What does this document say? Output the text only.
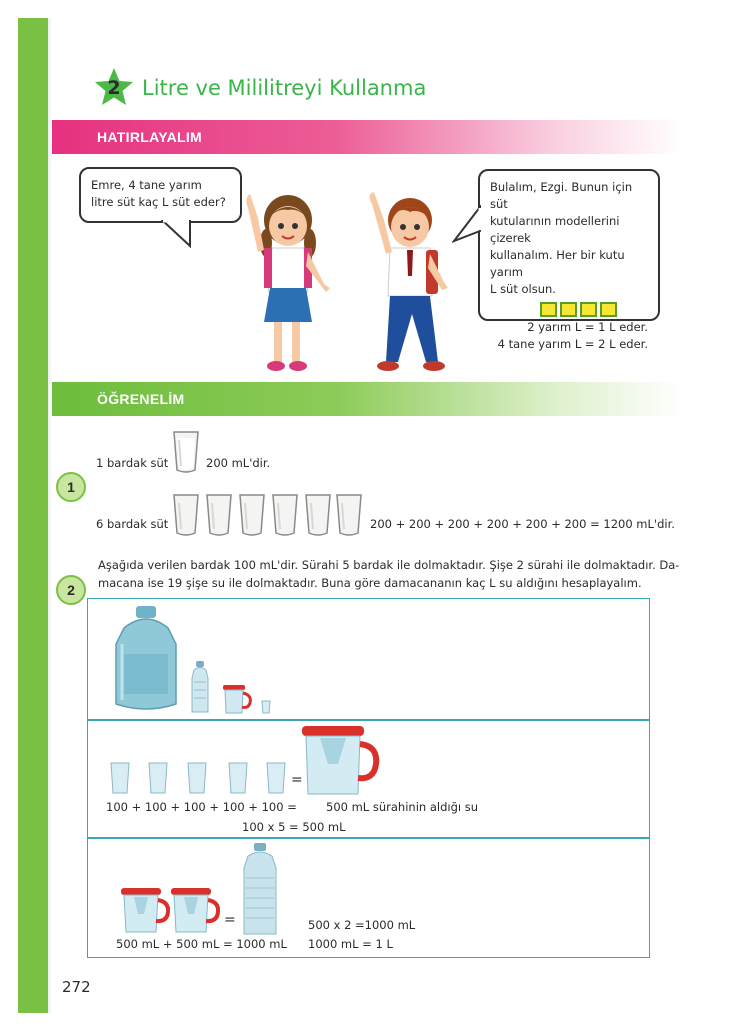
2	Litre ve Mililitreyi Kullanma
HATIRLAYALIM
Emre, 4 tane yarım
litre süt kaç L süt eder?
Bulalım, Ezgi. Bunun için süt
kutularının modellerini çizerek
kullanalım. Her bir kutu yarım
L süt olsun.
2 yarım L = 1 L eder.
4 tane yarım L = 2 L eder.
ÖĞRENELİM
1
1 bardak süt	200 mL'dir.
6 bardak süt	200 + 200 + 200 + 200 + 200 + 200 = 1200 mL'dir.
2
Aşağıda verilen bardak 100 mL'dir. Sürahi 5 bardak ile dolmaktadır. Şişe 2 sürahi ile dolmaktadır. Da-
macana ise 19 şişe su ile dolmaktadır. Buna göre damacananın kaç L su aldığını hesaplayalım.
=
100 + 100 + 100 + 100 + 100 =	500 mL sürahinin aldığı su
100 x 5 = 500 mL
=
500 mL + 500 mL = 1000 mL
500 x 2 =1000 mL
1000 mL = 1 L
272
